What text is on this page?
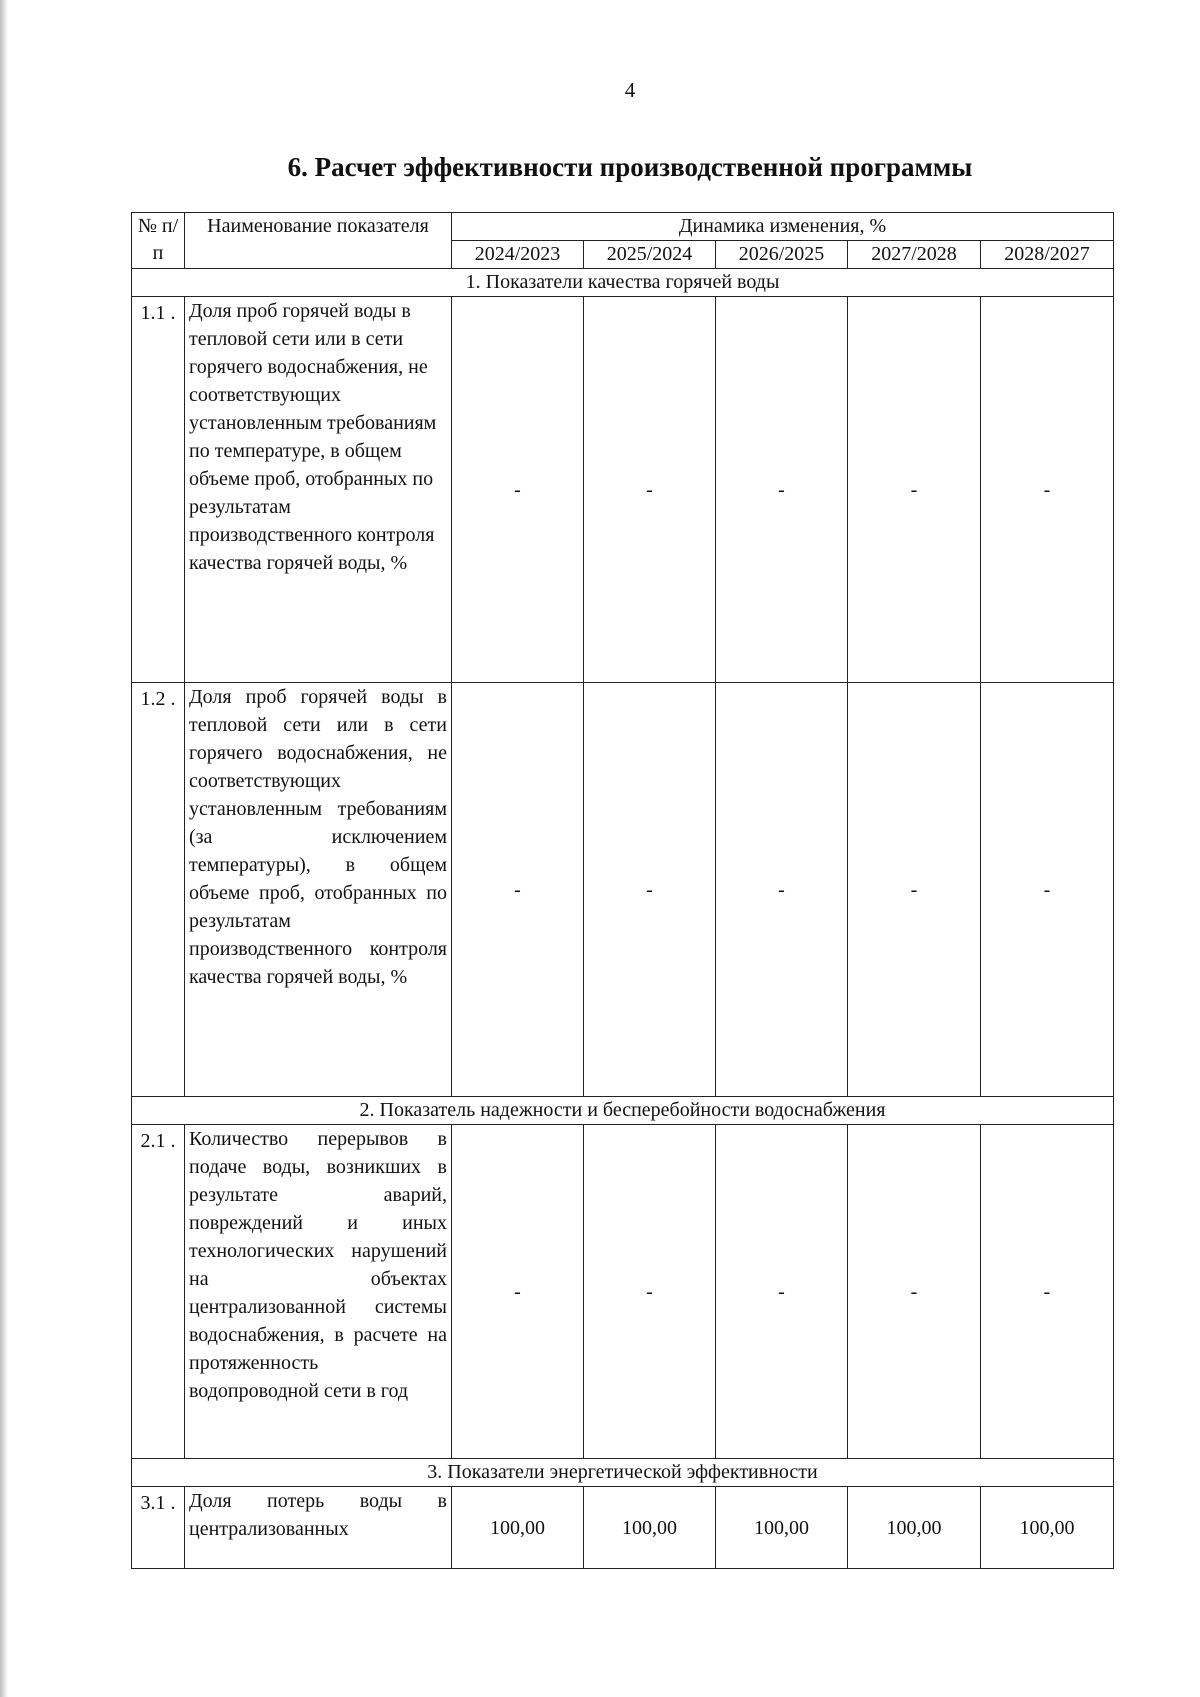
4
6. Расчет эффективности производственной программы
№ п/п	Наименование показателя	Динамика изменения, %				
		2024/2023	2025/2024	2026/2025	2027/2028	2028/2027
1. Показатели качества горячей воды						
1.1 .	Доля проб горячей воды в тепловой сети или в сети горячего водоснабжения, не соответствующих установленным требованиям по температуре, в общем объеме проб, отобранных по результатам производственного контроля качества горячей воды, %	-	-	-	-	-
1.2 .	Доля проб горячей воды в тепловой сети или в сети горячего водоснабжения, не соответствующих установленным требованиям (за исключением температуры), в общем объеме проб, отобранных по результатам производственного контроля качества горячей воды, %	-	-	-	-	-
2. Показатель надежности и бесперебойности водоснабжения						
2.1 .	Количество перерывов в подаче воды, возникших в результате аварий, повреждений и иных технологических нарушений на объектах централизованной системы водоснабжения, в расчете на протяженность водопроводной сети в год	-	-	-	-	-
3. Показатели энергетической эффективности						
3.1 .	Доля потерь воды в централизованных	100,00	100,00	100,00	100,00	100,00
